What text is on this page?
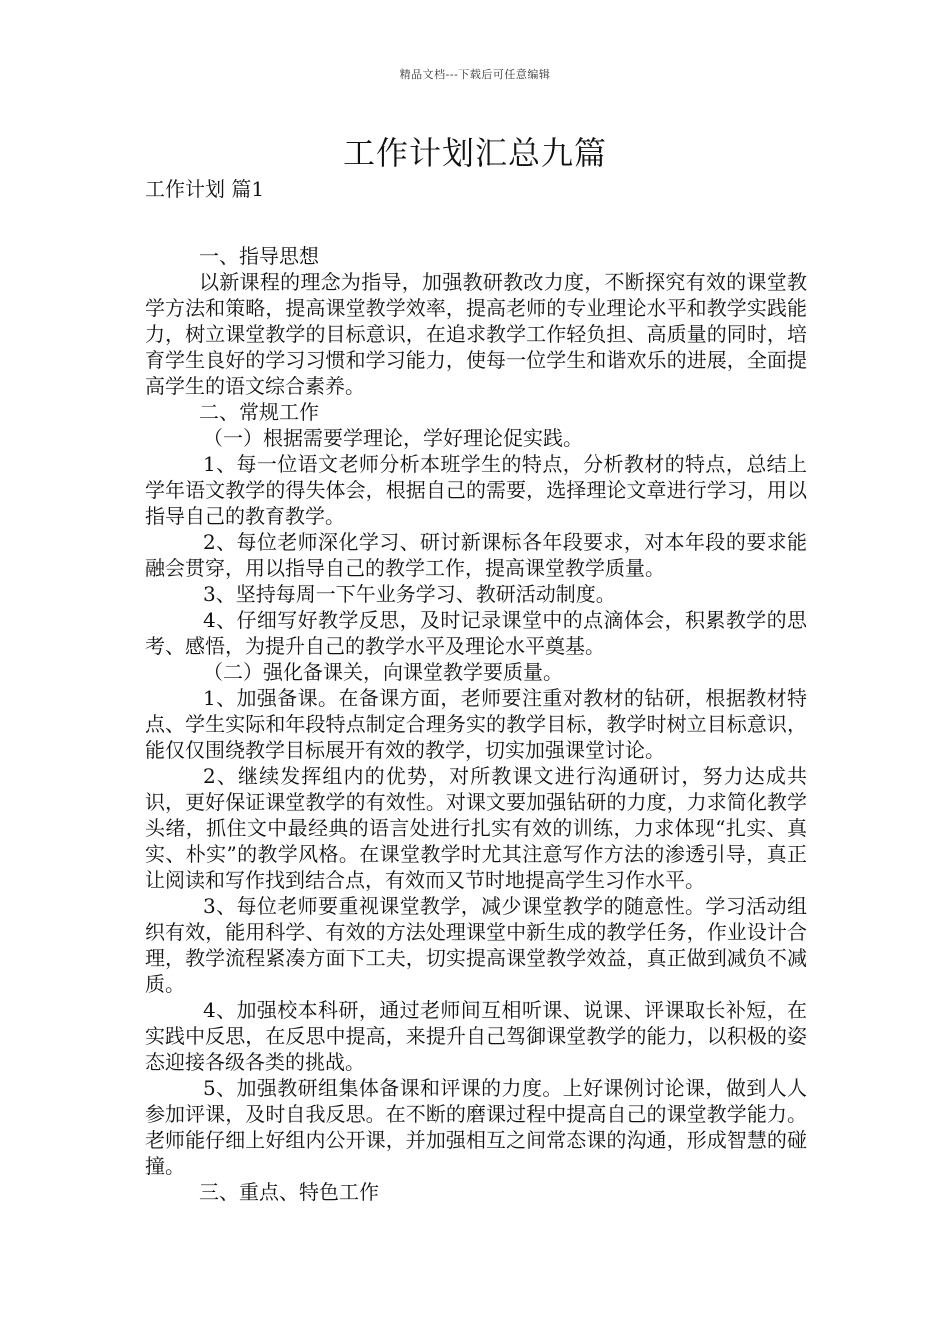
精品文档---下载后可任意编辑
工作计划汇总九篇

工作计划 篇1

一、指导思想

以新课程的理念为指导，加强教研教改力度，不断探究有效的课堂教学方法和策略，提高课堂教学效率，提高老师的专业理论水平和教学实践能力，树立课堂教学的目标意识，在追求教学工作轻负担、高质量的同时，培育学生良好的学习习惯和学习能力，使每一位学生和谐欢乐的进展，全面提高学生的语文综合素养。

二、常规工作

（一）根据需要学理论，学好理论促实践。

1、每一位语文老师分析本班学生的特点，分析教材的特点，总结上学年语文教学的得失体会，根据自己的需要，选择理论文章进行学习，用以指导自己的教育教学。

2、每位老师深化学习、研讨新课标各年段要求，对本年段的要求能融会贯穿，用以指导自己的教学工作，提高课堂教学质量。

3、坚持每周一下午业务学习、教研活动制度。

4、仔细写好教学反思，及时记录课堂中的点滴体会，积累教学的思考、感悟，为提升自己的教学水平及理论水平奠基。

（二）强化备课关，向课堂教学要质量。

1、加强备课。在备课方面，老师要注重对教材的钻研，根据教材特点、学生实际和年段特点制定合理务实的教学目标，教学时树立目标意识，能仅仅围绕教学目标展开有效的教学，切实加强课堂讨论。

2、继续发挥组内的优势，对所教课文进行沟通研讨，努力达成共识，更好保证课堂教学的有效性。对课文要加强钻研的力度，力求简化教学头绪，抓住文中最经典的语言处进行扎实有效的训练，力求体现“扎实、真实、朴实”的教学风格。在课堂教学时尤其注意写作方法的渗透引导，真正让阅读和写作找到结合点，有效而又节时地提高学生习作水平。

3、每位老师要重视课堂教学，减少课堂教学的随意性。学习活动组织有效，能用科学、有效的方法处理课堂中新生成的教学任务，作业设计合理，教学流程紧凑方面下工夫，切实提高课堂教学效益，真正做到减负不减质。

4、加强校本科研，通过老师间互相听课、说课、评课取长补短，在实践中反思，在反思中提高，来提升自己驾御课堂教学的能力，以积极的姿态迎接各级各类的挑战。

5、加强教研组集体备课和评课的力度。上好课例讨论课，做到人人参加评课，及时自我反思。在不断的磨课过程中提高自己的课堂教学能力。老师能仔细上好组内公开课，并加强相互之间常态课的沟通，形成智慧的碰撞。

三、重点、特色工作
